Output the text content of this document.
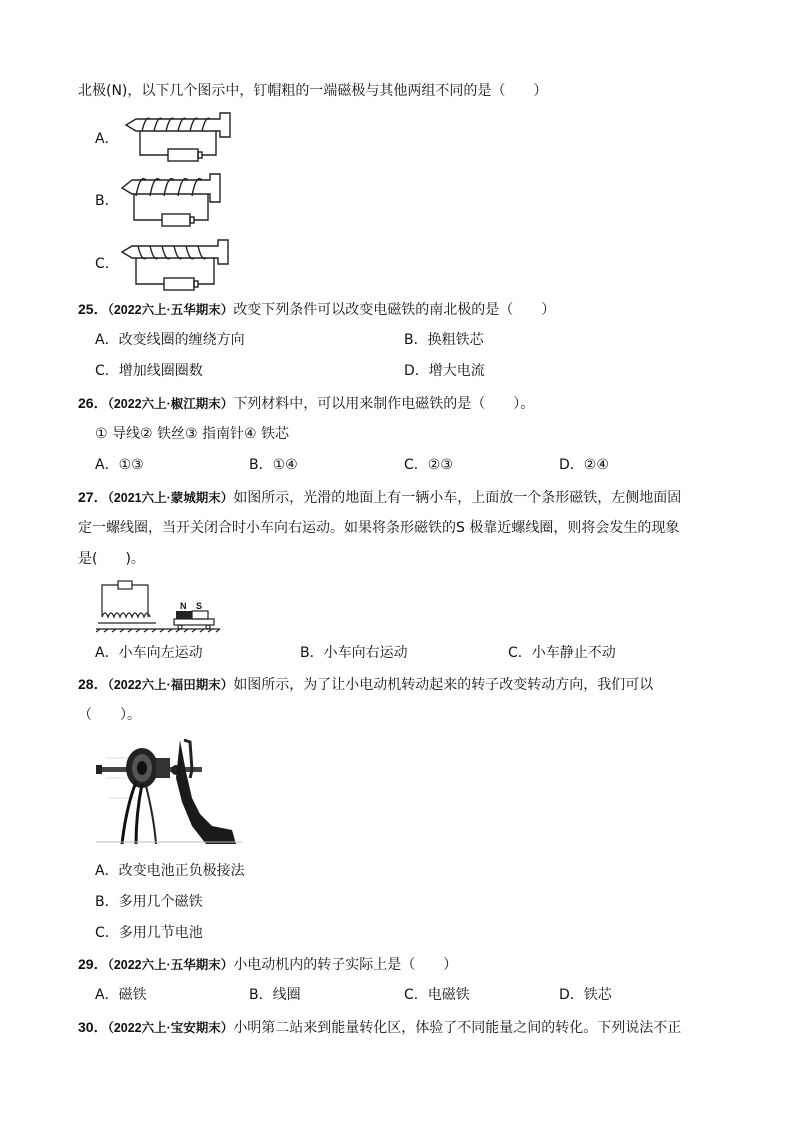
北极(N)，以下几个图示中，钉帽粗的一端磁极与其他两组不同的是（　　）
A．
B．
C．
25．（2022六上·五华期末）改变下列条件可以改变电磁铁的南北极的是（　　）
A．改变线圈的缠绕方向	B．换粗铁芯
C．增加线圈圈数	D．增大电流
26．（2022六上·椒江期末）下列材料中，可以用来制作电磁铁的是（　　）。
① 导线② 铁丝③ 指南针④ 铁芯
A．①③	B．①④	C．②③	D．②④
27．（2021六上·蒙城期末）如图所示，光滑的地面上有一辆小车，上面放一个条形磁铁，左侧地面固
定一螺线圈，当开关闭合时小车向右运动。如果将条形磁铁的S 极靠近螺线圈，则将会发生的现象
是(　　)。
N S
A．小车向左运动	B．小车向右运动	C．小车静止不动
28．（2022六上·福田期末）如图所示，为了让小电动机转动起来的转子改变转动方向，我们可以
（　　）。
A．改变电池正负极接法
B．多用几个磁铁
C．多用几节电池
29．（2022六上·五华期末）小电动机内的转子实际上是（　　）
A．磁铁	B．线圈	C．电磁铁	D．铁芯
30．（2022六上·宝安期末）小明第二站来到能量转化区，体验了不同能量之间的转化。下列说法不正
